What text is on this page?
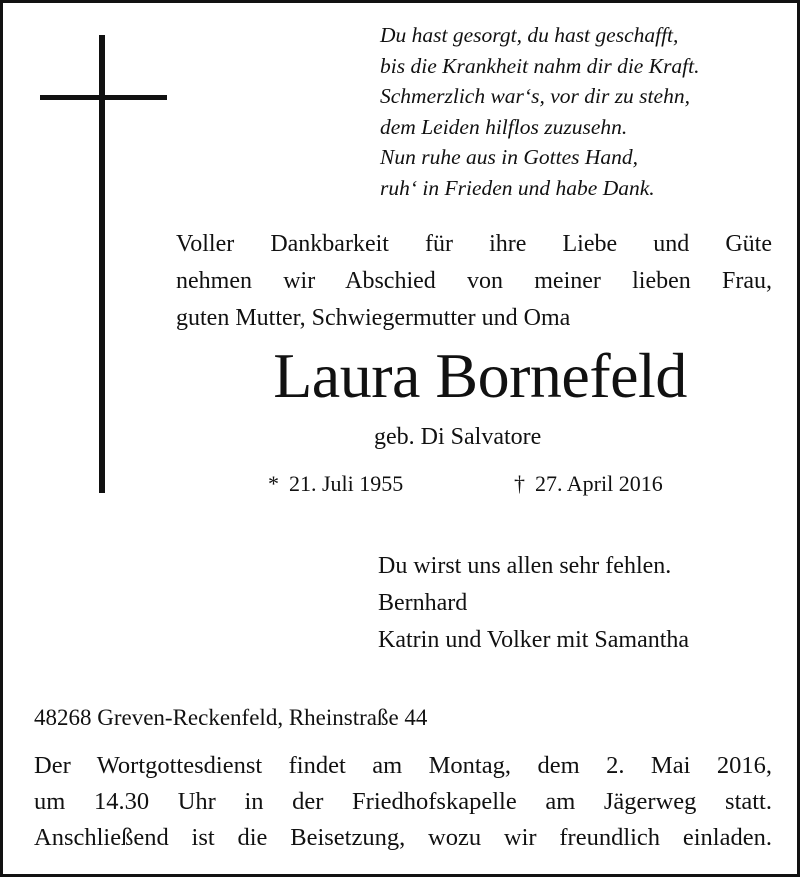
Du hast gesorgt, du hast geschafft,
bis die Krankheit nahm dir die Kraft.
Schmerzlich war‘s, vor dir zu stehn,
dem Leiden hilflos zuzusehn.
Nun ruhe aus in Gottes Hand,
ruh‘ in Frieden und habe Dank.
Voller Dankbarkeit für ihre Liebe und Güte
nehmen wir Abschied von meiner lieben Frau,
guten Mutter, Schwiegermutter und Oma
Laura Bornefeld
geb. Di Salvatore
* 21. Juli 1955	† 27. April 2016
Du wirst uns allen sehr fehlen.
Bernhard
Katrin und Volker mit Samantha
48268 Greven-Reckenfeld, Rheinstraße 44
Der Wortgottesdienst findet am Montag, dem 2. Mai 2016,
um 14.30 Uhr in der Friedhofskapelle am Jägerweg statt.
Anschließend ist die Beisetzung, wozu wir freundlich einladen.
